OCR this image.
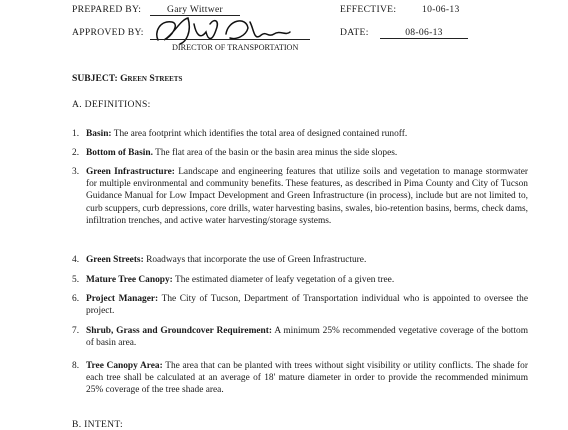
PREPARED BY:	Gary Wittwer	EFFECTIVE:	10-06-13
APPROVED BY:
DIRECTOR OF TRANSPORTATION
DATE:	08-06-13
SUBJECT: Green Streets
A. DEFINITIONS:
1. Basin: The area footprint which identifies the total area of designed contained runoff.
2. Bottom of Basin. The flat area of the basin or the basin area minus the side slopes.
3. Green Infrastructure: Landscape and engineering features that utilize soils and vegetation to manage stormwater for multiple environmental and community benefits. These features, as described in Pima County and City of Tucson Guidance Manual for Low Impact Development and Green Infrastructure (in process), include but are not limited to, curb scuppers, curb depressions, core drills, water harvesting basins, swales, bio-retention basins, berms, check dams, infiltration trenches, and active water harvesting/storage systems.
4. Green Streets: Roadways that incorporate the use of Green Infrastructure.
5. Mature Tree Canopy: The estimated diameter of leafy vegetation of a given tree.
6. Project Manager: The City of Tucson, Department of Transportation individual who is appointed to oversee the project.
7. Shrub, Grass and Groundcover Requirement: A minimum 25% recommended vegetative coverage of the bottom of basin area.
8. Tree Canopy Area: The area that can be planted with trees without sight visibility or utility conflicts. The shade for each tree shall be calculated at an average of 18' mature diameter in order to provide the recommended minimum 25% coverage of the tree shade area.
B. INTENT:
